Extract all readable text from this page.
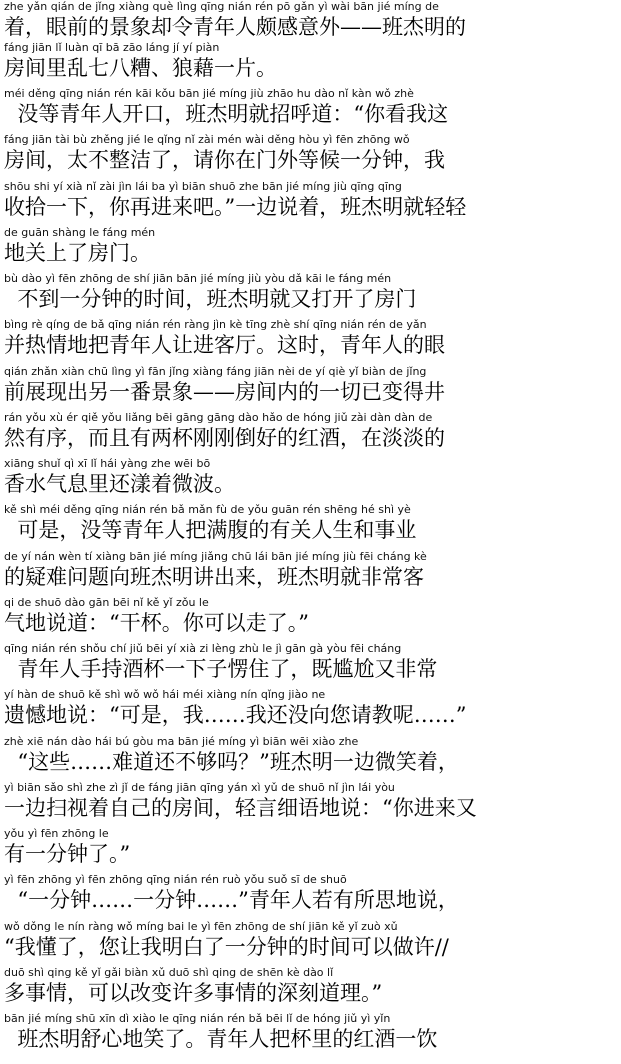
zhe yǎn qián de jǐng xiàng què lìng qīng nián rén pō gǎn yì wài bān jié míng de
着，眼前的景象却令青年人颇感意外——班杰明的
fáng jiān lǐ luàn qī bā zāo láng jí yí piàn
房间里乱七八糟、狼藉一片。
méi děng qīng nián rén kāi kǒu bān jié míng jiù zhāo hu dào nǐ kàn wǒ zhè
没等青年人开口，班杰明就招呼道：“你看我这
fáng jiān tài bù zhěng jié le qǐng nǐ zài mén wài děng hòu yì fēn zhōng wǒ
房间，太不整洁了，请你在门外等候一分钟，我
shōu shi yí xià nǐ zài jìn lái ba yì biān shuō zhe bān jié míng jiù qīng qīng
收拾一下，你再进来吧。”一边说着，班杰明就轻轻
de guān shàng le fáng mén
地关上了房门。
bù dào yì fēn zhōng de shí jiān bān jié míng jiù yòu dǎ kāi le fáng mén
不到一分钟的时间，班杰明就又打开了房门
bìng rè qíng de bǎ qīng nián rén ràng jìn kè tīng zhè shí qīng nián rén de yǎn
并热情地把青年人让进客厅。这时，青年人的眼
qián zhǎn xiàn chū lìng yì fān jǐng xiàng fáng jiān nèi de yí qiè yǐ biàn de jǐng
前展现出另一番景象——房间内的一切已变得井
rán yǒu xù ér qiě yǒu liǎng bēi gāng gāng dào hǎo de hóng jiǔ zài dàn dàn de
然有序，而且有两杯刚刚倒好的红酒，在淡淡的
xiāng shuǐ qì xī lǐ hái yàng zhe wēi bō
香水气息里还漾着微波。
kě shì méi děng qīng nián rén bǎ mǎn fù de yǒu guān rén shēng hé shì yè
可是，没等青年人把满腹的有关人生和事业
de yí nán wèn tí xiàng bān jié míng jiǎng chū lái bān jié míng jiù fēi cháng kè
的疑难问题向班杰明讲出来，班杰明就非常客
qi de shuō dào gān bēi nǐ kě yǐ zǒu le
气地说道：“干杯。你可以走了。”
qīng nián rén shǒu chí jiǔ bēi yí xià zi lèng zhù le jì gān gà yòu fēi cháng
青年人手持酒杯一下子愣住了，既尴尬又非常
yí hàn de shuō kě shì wǒ wǒ hái méi xiàng nín qǐng jiào ne
遗憾地说：“可是，我……我还没向您请教呢……”
zhè xiē nán dào hái bú gòu ma bān jié míng yì biān wēi xiào zhe
“这些……难道还不够吗？”班杰明一边微笑着，
yì biān sǎo shì zhe zì jǐ de fáng jiān qīng yán xì yǔ de shuō nǐ jìn lái yòu
一边扫视着自己的房间，轻言细语地说：“你进来又
yǒu yì fēn zhōng le
有一分钟了。”
yì fēn zhōng yì fēn zhōng qīng nián rén ruò yǒu suǒ sī de shuō
“一分钟……一分钟……”青年人若有所思地说，
wǒ dǒng le nín ràng wǒ míng bai le yì fēn zhōng de shí jiān kě yǐ zuò xǔ
“我懂了，您让我明白了一分钟的时间可以做许//
duō shì qing kě yǐ gǎi biàn xǔ duō shì qing de shēn kè dào lǐ
多事情，可以改变许多事情的深刻道理。”
bān jié míng shū xīn dì xiào le qīng nián rén bǎ bēi lǐ de hóng jiǔ yì yǐn
班杰明舒心地笑了。青年人把杯里的红酒一饮
